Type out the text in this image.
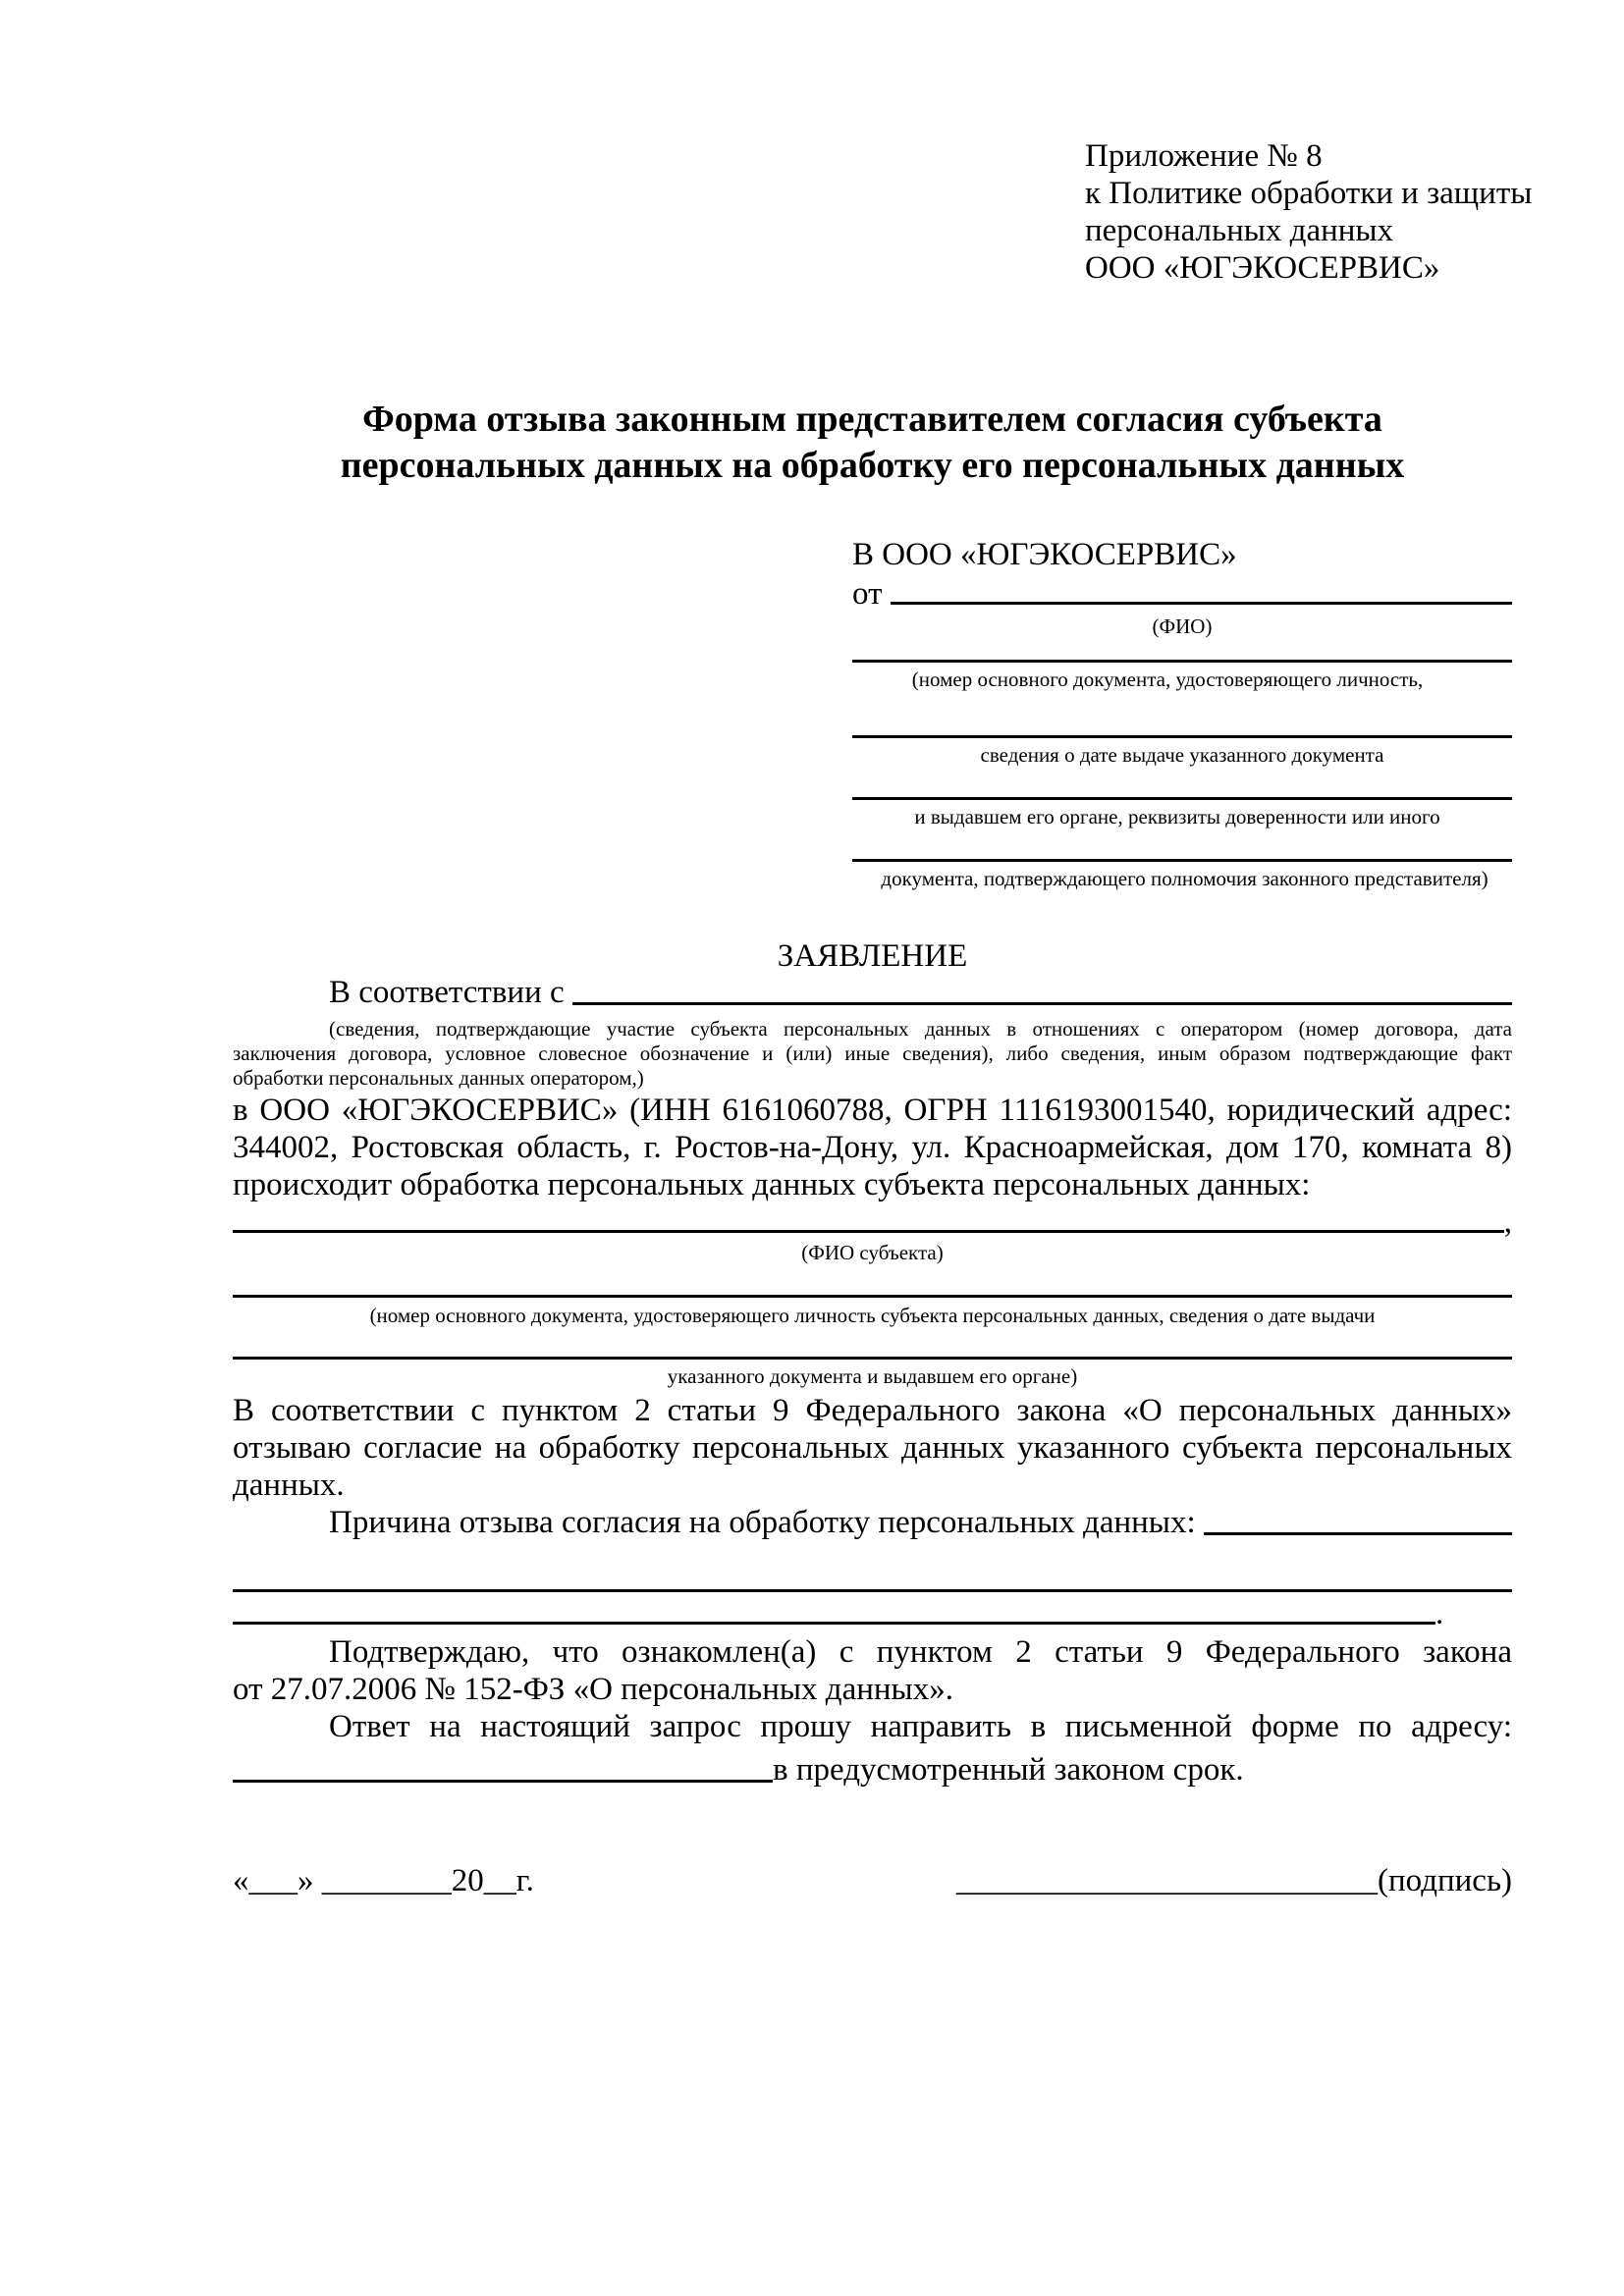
Приложение № 8
к Политике обработки и защиты
персональных данных
ООО «ЮГЭКОСЕРВИС»
Форма отзыва законным представителем согласия субъекта
персональных данных на обработку его персональных данных
В ООО «ЮГЭКОСЕРВИС»
от
(ФИО)
(номер основного документа, удостоверяющего личность,
сведения о дате выдаче указанного документа
и выдавшем его органе, реквизиты доверенности или иного
документа, подтверждающего полномочия законного представителя)
ЗАЯВЛЕНИЕ
В соответствии с
(сведения, подтверждающие участие субъекта персональных данных в отношениях с оператором (номер договора, дата
заключения договора, условное словесное обозначение и (или) иные сведения), либо сведения, иным образом подтверждающие факт
обработки персональных данных оператором,)
в ООО «ЮГЭКОСЕРВИС» (ИНН 6161060788, ОГРН 1116193001540, юридический адрес:
344002, Ростовская область, г. Ростов-на-Дону, ул. Красноармейская, дом 170, комната 8)
происходит обработка персональных данных субъекта персональных данных:
,
(ФИО субъекта)
(номер основного документа, удостоверяющего личность субъекта персональных данных, сведения о дате выдачи
указанного документа и выдавшем его органе)
В соответствии с пунктом 2 статьи 9 Федерального закона «О персональных данных»
отзываю согласие на обработку персональных данных указанного субъекта персональных
данных.
Причина отзыва согласия на обработку персональных данных:
.
Подтверждаю, что ознакомлен(а) с пунктом 2 статьи 9 Федерального закона
от 27.07.2006 № 152-ФЗ «О персональных данных».
Ответ на настоящий запрос прошу направить в письменной форме по адресу:
в предусмотренный законом срок.
«___» ________20__г.	__________________________(подпись)
